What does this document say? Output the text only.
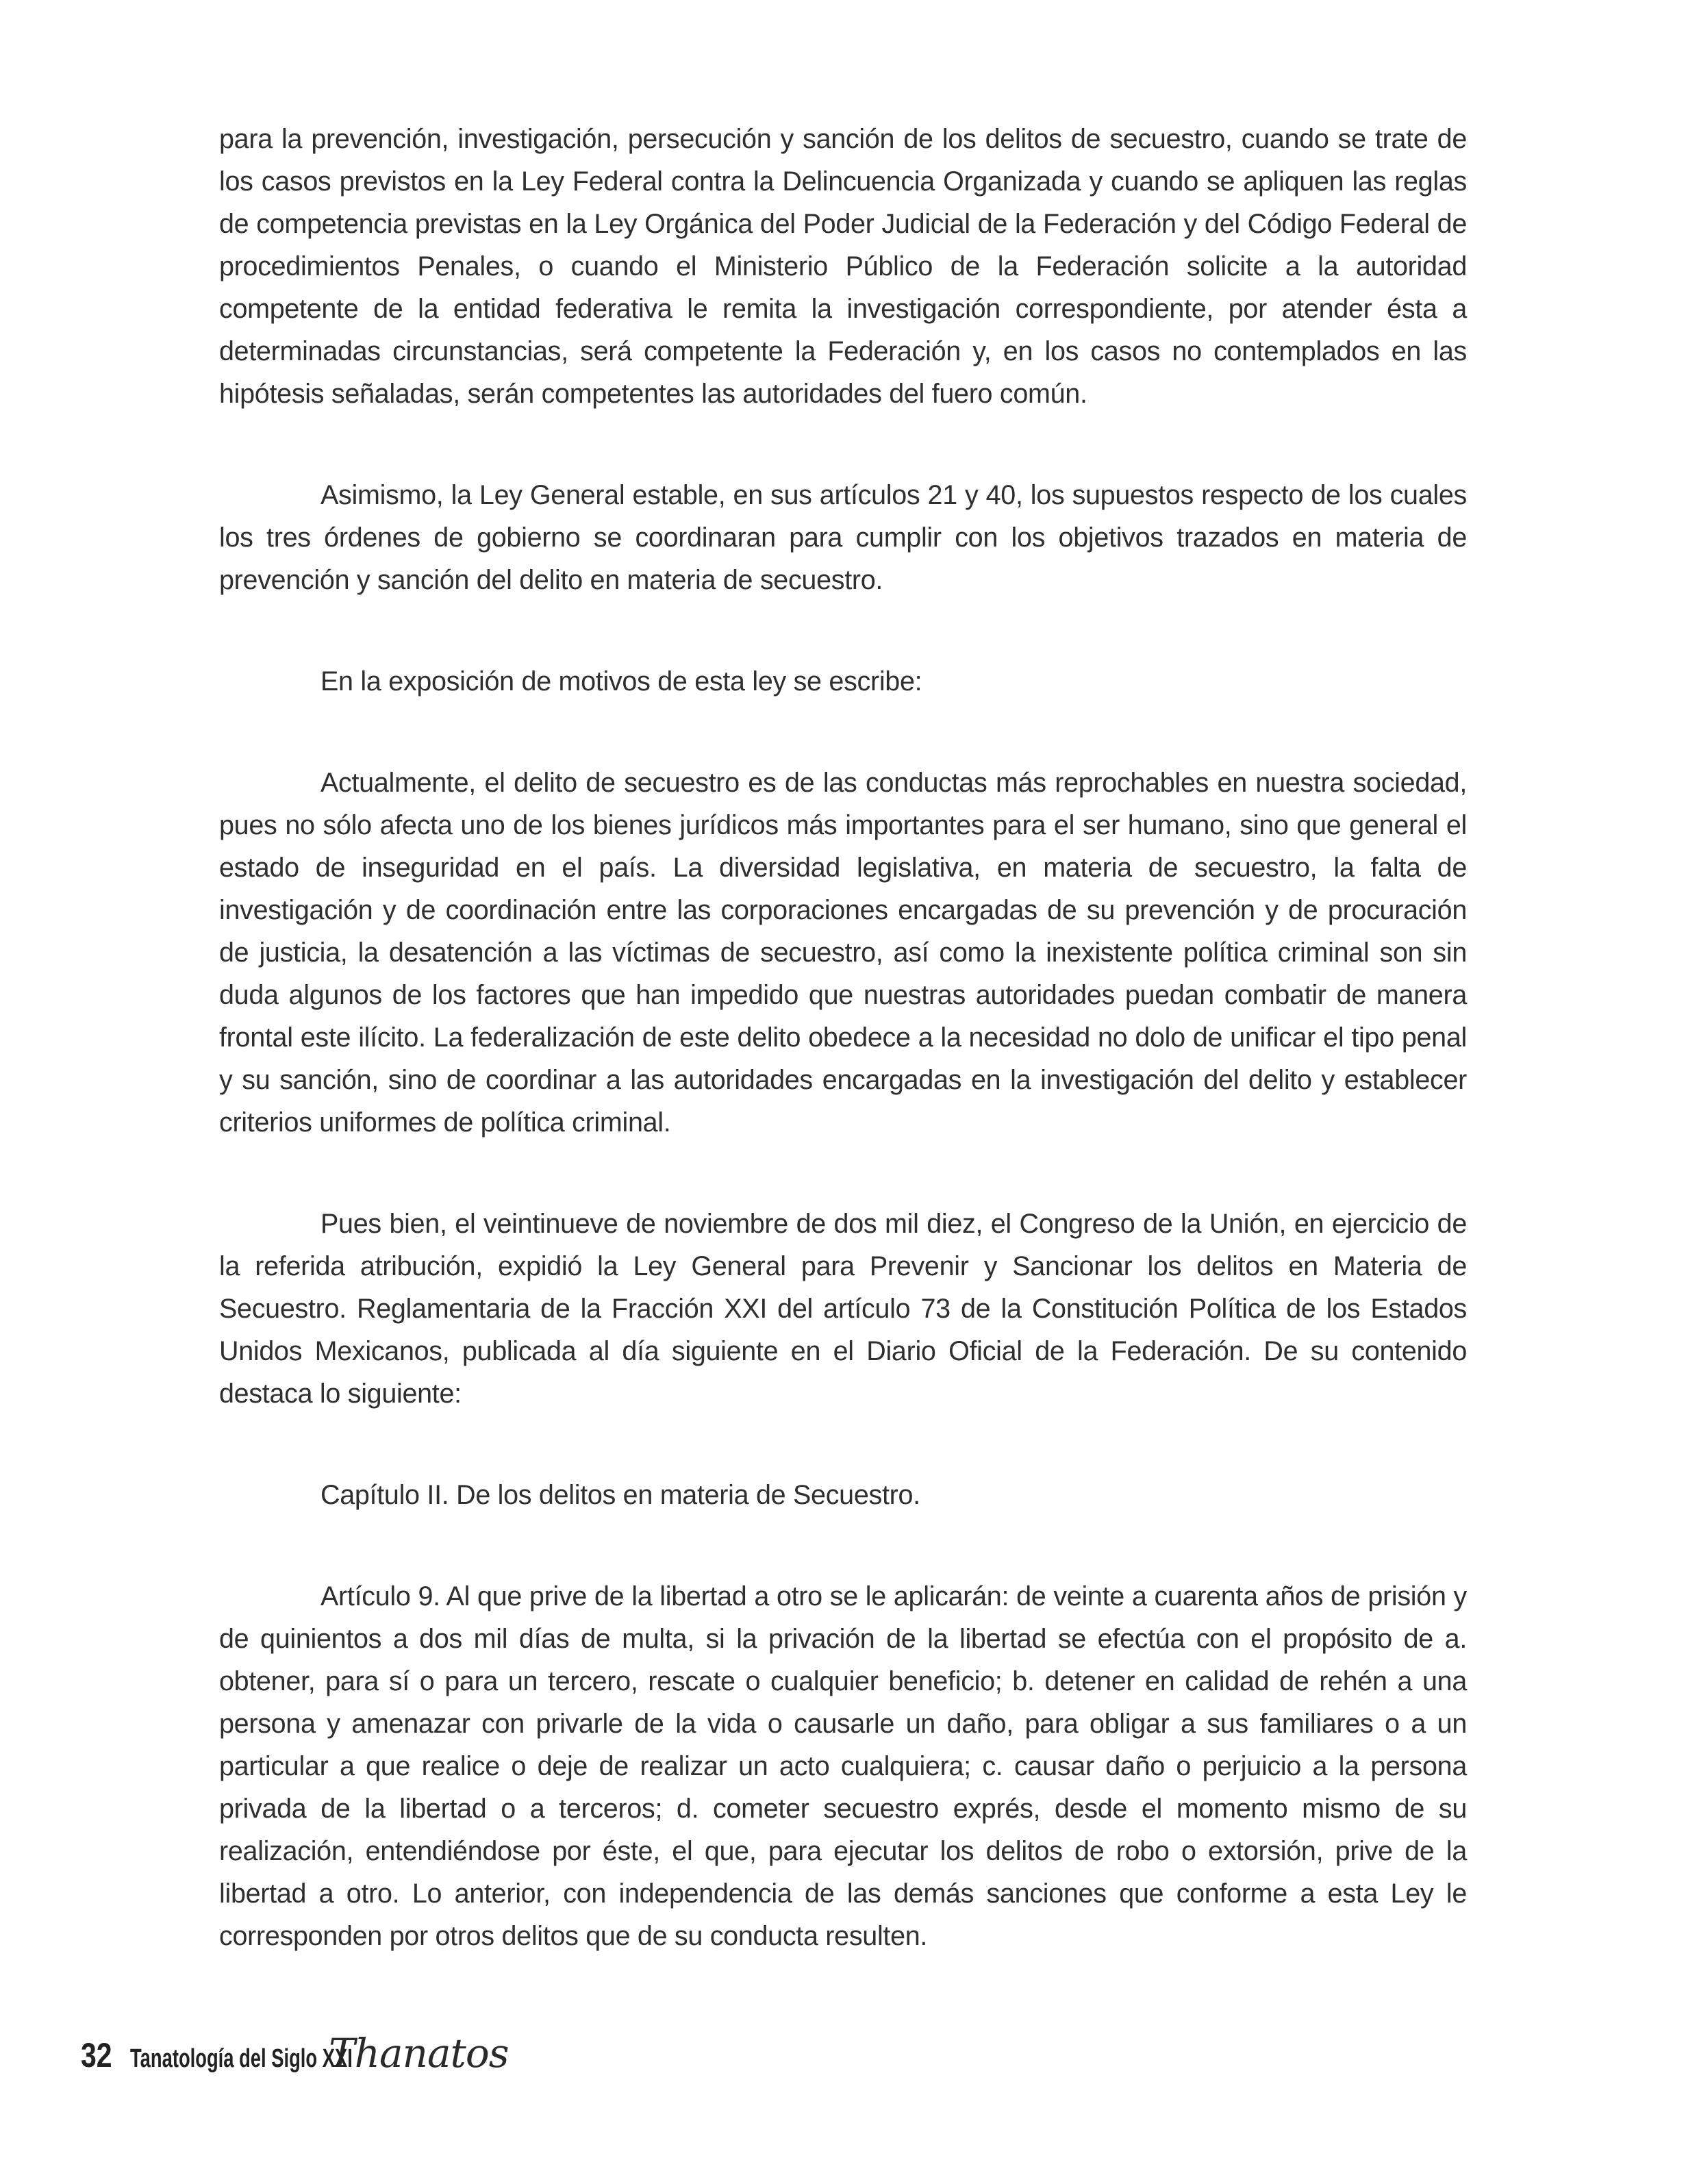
para la prevención, investigación, persecución y sanción de los delitos de secuestro, cuando se trate de los casos previstos en la Ley Federal contra la Delincuencia Organizada y cuando se apliquen las reglas de competencia previstas en la Ley Orgánica del Poder Judicial de la Federación y del Código Federal de procedimientos Penales, o cuando el Ministerio Público de la Federación solicite a la autoridad competente de la entidad federativa le remita la investigación correspondiente, por atender ésta a determinadas circunstancias, será competente la Federación y, en los casos no contemplados en las hipótesis señaladas, serán competentes las autoridades del fuero común.

Asimismo, la Ley General estable, en sus artículos 21 y 40, los supuestos respecto de los cuales los tres órdenes de gobierno se coordinaran para cumplir con los objetivos trazados en materia de prevención y sanción del delito en materia de secuestro.

En la exposición de motivos de esta ley se escribe:

Actualmente, el delito de secuestro es de las conductas más reprochables en nuestra sociedad, pues no sólo afecta uno de los bienes jurídicos más importantes para el ser humano, sino que general el estado de inseguridad en el país. La diversidad legislativa, en materia de secuestro, la falta de investigación y de coordinación entre las corporaciones encargadas de su prevención y de procuración de justicia, la desatención a las víctimas de secuestro, así como la inexistente política criminal son sin duda algunos de los factores que han impedido que nuestras autoridades puedan combatir de manera frontal este ilícito. La federalización de este delito obedece a la necesidad no dolo de unificar el tipo penal y su sanción, sino de coordinar a las autoridades encargadas en la investigación del delito y establecer criterios uniformes de política criminal.

Pues bien, el veintinueve de noviembre de dos mil diez, el Congreso de la Unión, en ejercicio de la referida atribución, expidió la Ley General para Prevenir y Sancionar los delitos en Materia de Secuestro. Reglamentaria de la Fracción XXI del artículo 73 de la Constitución Política de los Estados Unidos Mexicanos, publicada al día siguiente en el Diario Oficial de la Federación. De su contenido destaca lo siguiente:

Capítulo II. De los delitos en materia de Secuestro.

Artículo 9. Al que prive de la libertad a otro se le aplicarán: de veinte a cuarenta años de prisión y de quinientos a dos mil días de multa, si la privación de la libertad se efectúa con el propósito de a. obtener, para sí o para un tercero, rescate o cualquier beneficio; b. detener en calidad de rehén a una persona y amenazar con privarle de la vida o causarle un daño, para obligar a sus familiares o a un particular a que realice o deje de realizar un acto cualquiera; c. causar daño o perjuicio a la persona privada de la libertad o a terceros; d. cometer secuestro exprés, desde el momento mismo de su realización, entendiéndose por éste, el que, para ejecutar los delitos de robo o extorsión, prive de la libertad a otro. Lo anterior, con independencia de las demás sanciones que conforme a esta Ley le corresponden por otros delitos que de su conducta resulten.

32 Tanatología del Siglo XXI
Thanatos
